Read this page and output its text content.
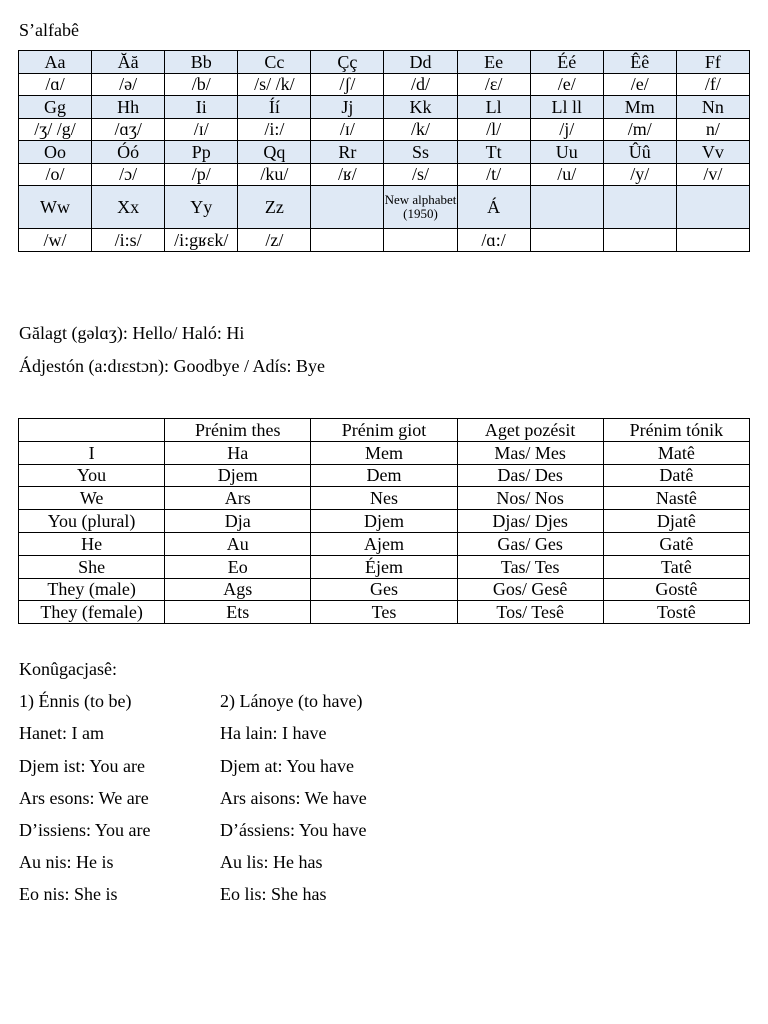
S’alfabê
Aa	Ăă	Bb	Cc	Çç	Dd	Ee	Éé	Êê	Ff
/ɑ/	/ə/	/b/	/s/ /k/	/ʃ/	/d/	/ɛ/	/e/	/e/	/f/
Gg	Hh	Ii	Íí	Jj	Kk	Ll	Ll ll	Mm	Nn
/ʒ/ /g/	/ɑʒ/	/ɪ/	/i:/	/ɪ/	/k/	/l/	/j/	/m/	n/
Oo	Óó	Pp	Qq	Rr	Ss	Tt	Uu	Ûû	Vv
/o/	/ɔ/	/p/	/ku/	/ʁ/	/s/	/t/	/u/	/y/	/v/
Ww	Xx	Yy	Zz		New alphabet (1950)	Á			
/w/	/i:s/	/i:gʁɛk/	/z/			/ɑ:/			
Gălagt (gəlɑʒ): Hello/ Haló: Hi
Ádjestón (a:dɪɛstɔn): Goodbye / Adís: Bye
	Prénim thes	Prénim giot	Aget pozésit	Prénim tónik
I	Ha	Mem	Mas/ Mes	Matê
You	Djem	Dem	Das/ Des	Datê
We	Ars	Nes	Nos/ Nos	Nastê
You (plural)	Dja	Djem	Djas/ Djes	Djatê
He	Au	Ajem	Gas/ Ges	Gatê
She	Eo	Éjem	Tas/ Tes	Tatê
They (male)	Ags	Ges	Gos/ Gesê	Gostê
They (female)	Ets	Tes	Tos/ Tesê	Tostê
Konûgacjasê:
1) Énnis (to be)
Hanet: I am
Djem ist: You are
Ars esons: We are
D’issiens: You are
Au nis: He is
Eo nis: She is
2) Lánoye (to have)
Ha lain: I have
Djem at: You have
Ars aisons: We have
D’ássiens: You have
Au lis: He has
Eo lis: She has
